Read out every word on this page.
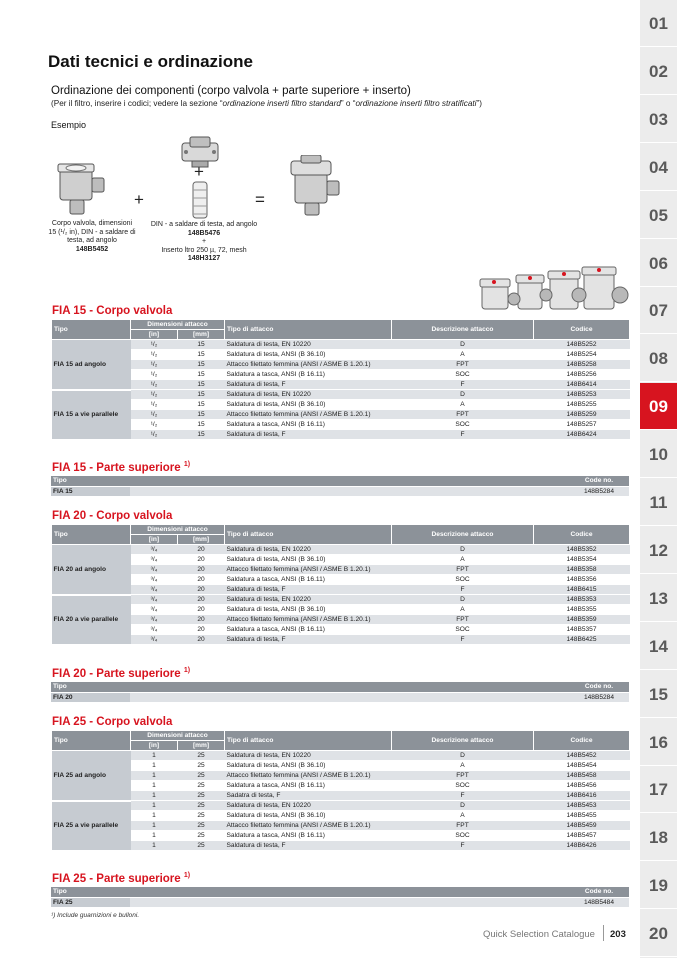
01
02
03
04
05
06
07
08
09
10
11
12
13
14
15
16
17
18
19
20
Dati tecnici e ordinazione
Ordinazione dei componenti (corpo valvola + parte superiore + inserto)
(Per il filtro, inserire i codici; vedere la sezione “ordinazione inserti filtro standard” o “ordinazione inserti filtro stratificati”)
Esempio
+
+
=
Corpo valvola, dimensioni 15 (¹/₂ in), DIN - a saldare di testa, ad angolo
148B5452
DIN - a saldare di testa, ad angolo
148B5476
+
Inserto ltro 250 µ, 72, mesh
148H3127
FIA 15 - Corpo valvola
Tipo	Dimensioni attacco		Tipo di attacco	Descrizione attacco	Codice
	[in]	[mm]			
FIA 15 ad angolo	¹/₂	15	Saldatura di testa, EN 10220	D	148B5252
	¹/₂	15	Saldatura di testa, ANSI (B 36.10)	A	148B5254
	¹/₂	15	Attacco filettato femmina (ANSI / ASME B 1.20.1)	FPT	148B5258
	¹/₂	15	Saldatura a tasca, ANSI (B 16.11)	SOC	148B5256
	¹/₂	15	Saldatura di testa, F	F	148B6414
FIA 15 a vie parallele	¹/₂	15	Saldatura di testa, EN 10220	D	148B5253
	¹/₂	15	Saldatura di testa, ANSI (B 36.10)	A	148B5255
	¹/₂	15	Attacco filettato femmina (ANSI / ASME B 1.20.1)	FPT	148B5259
	¹/₂	15	Saldatura a tasca, ANSI (B 16.11)	SOC	148B5257
	¹/₂	15	Saldatura di testa, F	F	148B6424
FIA 15 - Parte superiore $^{1)}$
Tipo		Code no.
FIA 15		148B5284
FIA 20 - Corpo valvola
Tipo	Dimensioni attacco		Tipo di attacco	Descrizione attacco	Codice
	[in]	[mm]			
FIA 20 ad angolo	³/₄	20	Saldatura di testa, EN 10220	D	148B5352
	³/₄	20	Saldatura di testa, ANSI (B 36.10)	A	148B5354
	³/₄	20	Attacco filettato femmina (ANSI / ASME B 1.20.1)	FPT	148B5358
	³/₄	20	Saldatura a tasca, ANSI (B 16.11)	SOC	148B5356
	³/₄	20	Saldatura di testa, F	F	148B6415
FIA 20 a vie parallele	³/₄	20	Saldatura di testa, EN 10220	D	148B5353
	³/₄	20	Saldatura di testa, ANSI (B 36.10)	A	148B5355
	³/₄	20	Attacco filettato femmina (ANSI / ASME B 1.20.1)	FPT	148B5359
	³/₄	20	Saldatura a tasca, ANSI (B 16.11)	SOC	148B5357
	³/₄	20	Saldatura di testa, F	F	148B6425
FIA 20 - Parte superiore $^{1)}$
Tipo		Code no.
FIA 20		148B5284
FIA 25 - Corpo valvola
Tipo	Dimensioni attacco		Tipo di attacco	Descrizione attacco	Codice
	[in]	[mm]			
FIA 25 ad angolo	1	25	Saldatura di testa, EN 10220	D	148B5452
	1	25	Saldatura di testa, ANSI (B 36.10)	A	148B5454
	1	25	Attacco filettato femmina (ANSI / ASME B 1.20.1)	FPT	148B5458
	1	25	Saldatura a tasca, ANSI (B 16.11)	SOC	148B5456
	1	25	Sadatra di testa, F	F	148B6416
FIA 25 a vie parallele	1	25	Saldatura di testa, EN 10220	D	148B5453
	1	25	Saldatura di testa, ANSI (B 36.10)	A	148B5455
	1	25	Attacco filettato femmina (ANSI / ASME B 1.20.1)	FPT	148B5459
	1	25	Saldatura a tasca, ANSI (B 16.11)	SOC	148B5457
	1	25	Saldatura di testa, F	F	148B6426
FIA 25 - Parte superiore $^{1)}$
Tipo		Code no.
FIA 25		148B5484
¹) Include guarnizioni e bulloni.
Quick Selection Catalogue 203
